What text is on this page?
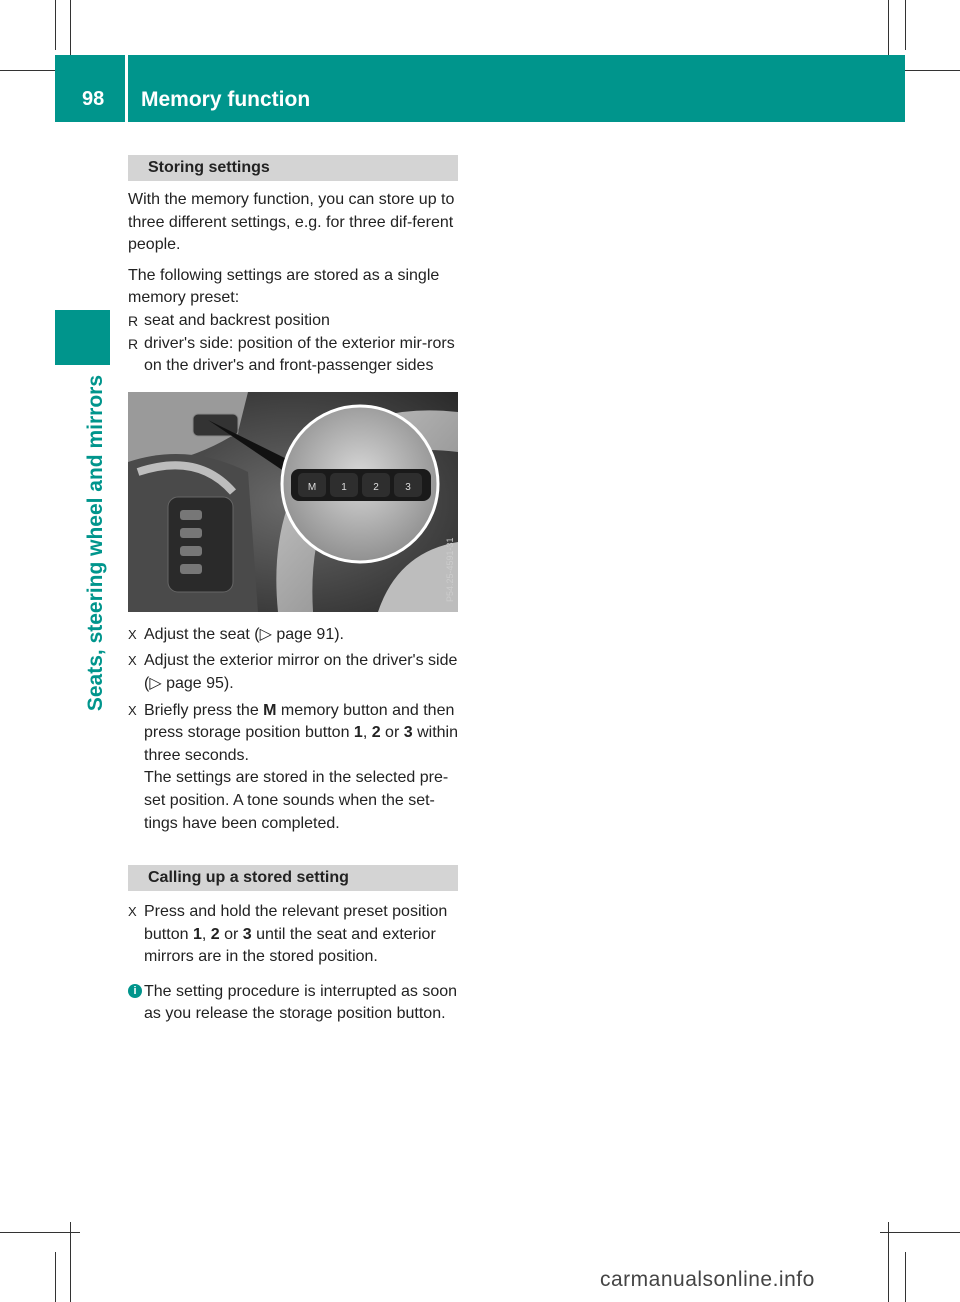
98 Memory function
Seats, steering wheel and mirrors
Storing settings

With the memory function, you can store up to three different settings, e.g. for three dif-ferent people.

The following settings are stored as a single memory preset:

R seat and backrest position
R driver's side: position of the exterior mir-rors on the driver's and front-passenger sides
M	1	2	3
P54.25-4591-31
X Adjust the seat (▷ page 91).
X Adjust the exterior mirror on the driver's side (▷ page 95).
X Briefly press the M memory button and then press storage position button 1, 2 or 3 within three seconds.
The settings are stored in the selected pre-set position. A tone sounds when the set-tings have been completed.
Calling up a stored setting
X Press and hold the relevant preset position button 1, 2 or 3 until the seat and exterior mirrors are in the stored position.
i The setting procedure is interrupted as soon as you release the storage position button.
carmanualsonline.info
